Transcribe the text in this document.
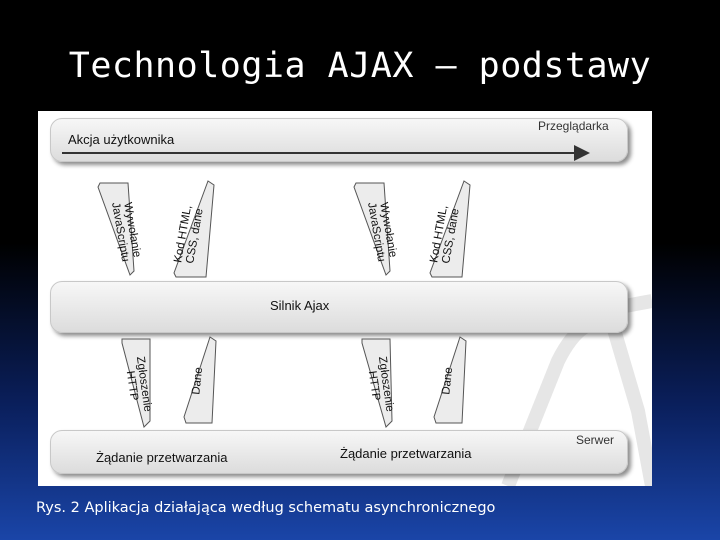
Technologia AJAX – podstawy
Przeglądarka
Akcja użytkownika
Silnik Ajax
Serwer
Żądanie przetwarzania	Żądanie przetwarzania
Wywołanie
JavaScriptu	Kod HTML,
CSS, dane	Wywołanie
JavaScriptu	Kod HTML,
CSS, dane
Zgłoszenie
HTTP	Dane	Zgłoszenie
HTTP	Dane
Rys. 2 Aplikacja działająca według schematu asynchronicznego
